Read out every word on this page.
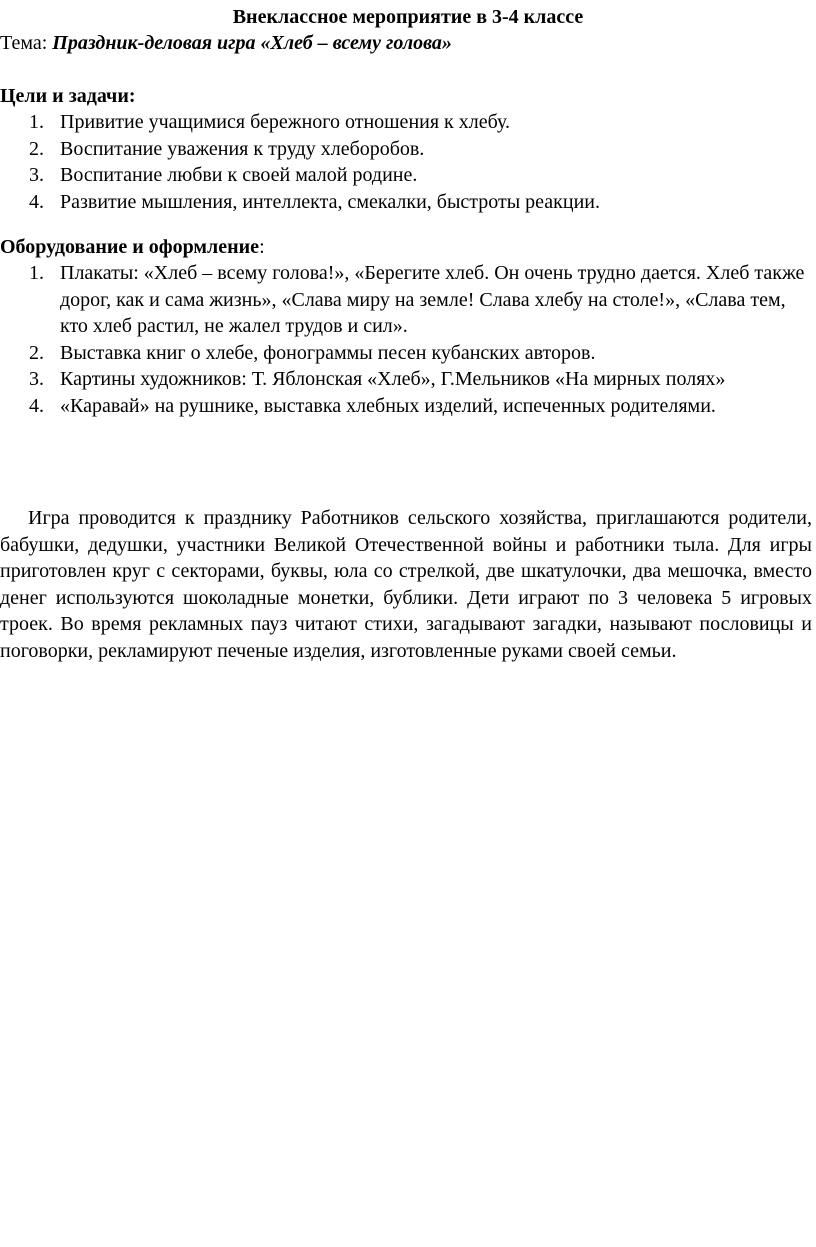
Внеклассное мероприятие в 3-4 классе

Тема: Праздник-деловая игра «Хлеб – всему голова»

Цели и задачи:

1. Привитие учащимися бережного отношения к хлебу.
2. Воспитание уважения к труду хлеборобов.
3. Воспитание любви к своей малой родине.
4. Развитие мышления, интеллекта, смекалки, быстроты реакции.

Оборудование и оформление:

1. Плакаты: «Хлеб – всему голова!», «Берегите хлеб. Он очень трудно дается. Хлеб также дорог, как и сама жизнь», «Слава миру на земле! Слава хлебу на столе!», «Слава тем, кто хлеб растил, не жалел трудов и сил».
2. Выставка книг о хлебе, фонограммы песен кубанских авторов.
3. Картины художников: Т. Яблонская «Хлеб», Г.Мельников «На мирных полях»
4. «Каравай» на рушнике, выставка хлебных изделий, испеченных родителями.

Игра проводится к празднику Работников сельского хозяйства, приглашаются родители, бабушки, дедушки, участники Великой Отечественной войны и работники тыла. Для игры приготовлен круг с секторами, буквы, юла со стрелкой, две шкатулочки, два мешочка, вместо денег используются шоколадные монетки, бублики. Дети играют по 3 человека 5 игровых троек. Во время рекламных пауз читают стихи, загадывают загадки, называют пословицы и поговорки, рекламируют печеные изделия, изготовленные руками своей семьи.
